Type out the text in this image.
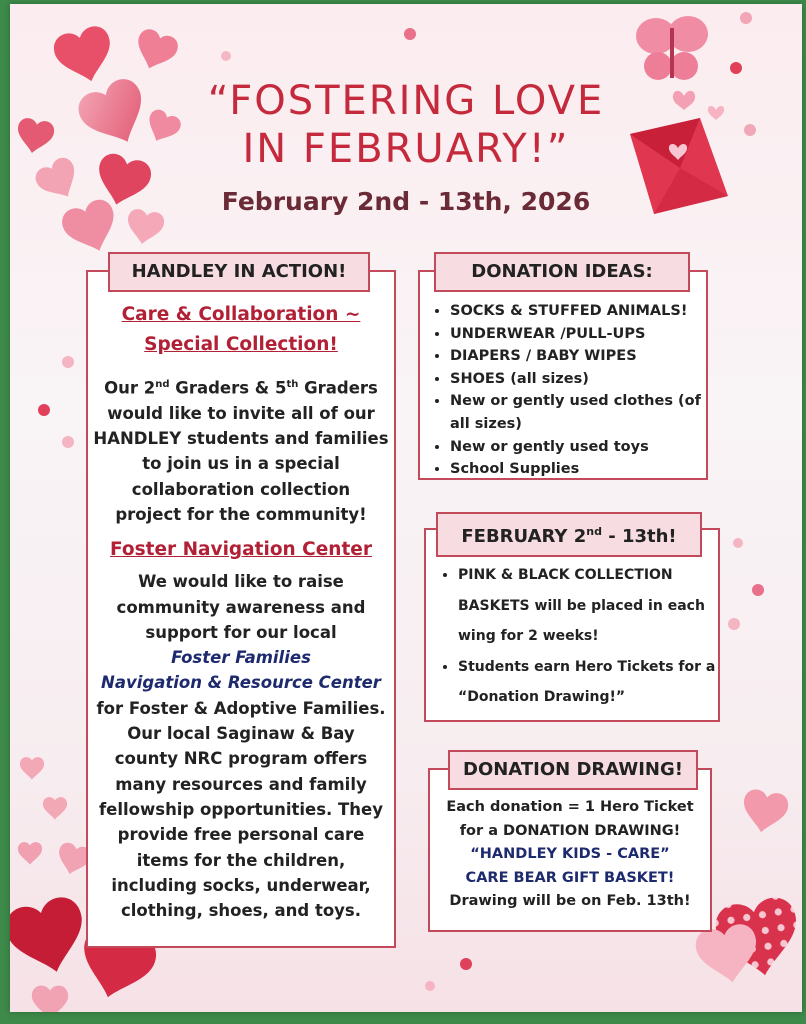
“FOSTERING LOVE
IN FEBRUARY!”
February 2nd - 13th, 2026
Care & Collaboration ~
Special Collection!
Our 2nd Graders & 5th Graders
would like to invite all of our
HANDLEY students and families
to join us in a special
collaboration collection
project for the community!
Foster Navigation Center
We would like to raise
community awareness and
support for our local
Foster Families
Navigation & Resource Center
for Foster & Adoptive Families.
Our local Saginaw & Bay
county NRC program offers
many resources and family
fellowship opportunities. They
provide free personal care
items for the children,
including socks, underwear,
clothing, shoes, and toys.
HANDLEY IN ACTION!
• SOCKS & STUFFED ANIMALS!
• UNDERWEAR /PULL-UPS
• DIAPERS / BABY WIPES
• SHOES (all sizes)
• New or gently used clothes (of all sizes)
• New or gently used toys
• School Supplies
DONATION IDEAS:
• PINK & BLACK COLLECTION BASKETS will be placed in each wing for 2 weeks!
• Students earn Hero Tickets for a “Donation Drawing!”
FEBRUARY 2nd - 13th!
Each donation = 1 Hero Ticket
for a DONATION DRAWING!
“HANDLEY KIDS - CARE”
CARE BEAR GIFT BASKET!
Drawing will be on Feb. 13th!
DONATION DRAWING!
